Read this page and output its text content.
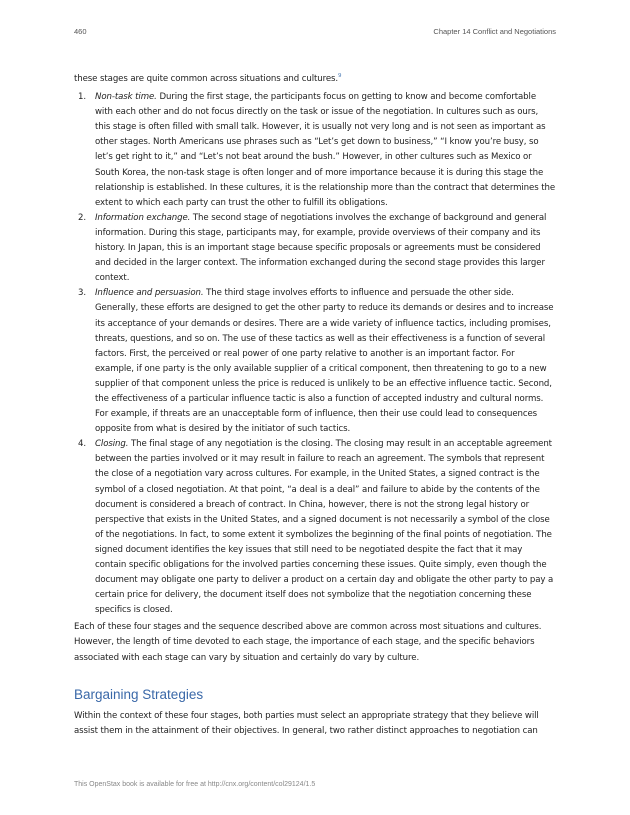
460	Chapter 14 Conflict and Negotiations

these stages are quite common across situations and cultures.$^9$

1. Non-task time. During the first stage, the participants focus on getting to know and become comfortable with each other and do not focus directly on the task or issue of the negotiation. In cultures such as ours, this stage is often filled with small talk. However, it is usually not very long and is not seen as important as other stages. North Americans use phrases such as “Let’s get down to business,” “I know you’re busy, so let’s get right to it,” and “Let’s not beat around the bush.” However, in other cultures such as Mexico or South Korea, the non-task stage is often longer and of more importance because it is during this stage the relationship is established. In these cultures, it is the relationship more than the contract that determines the extent to which each party can trust the other to fulfill its obligations.
2. Information exchange. The second stage of negotiations involves the exchange of background and general information. During this stage, participants may, for example, provide overviews of their company and its history. In Japan, this is an important stage because specific proposals or agreements must be considered and decided in the larger context. The information exchanged during the second stage provides this larger context.
3. Influence and persuasion. The third stage involves efforts to influence and persuade the other side. Generally, these efforts are designed to get the other party to reduce its demands or desires and to increase its acceptance of your demands or desires. There are a wide variety of influence tactics, including promises, threats, questions, and so on. The use of these tactics as well as their effectiveness is a function of several factors. First, the perceived or real power of one party relative to another is an important factor. For example, if one party is the only available supplier of a critical component, then threatening to go to a new supplier of that component unless the price is reduced is unlikely to be an effective influence tactic. Second, the effectiveness of a particular influence tactic is also a function of accepted industry and cultural norms. For example, if threats are an unacceptable form of influence, then their use could lead to consequences opposite from what is desired by the initiator of such tactics.
4. Closing. The final stage of any negotiation is the closing. The closing may result in an acceptable agreement between the parties involved or it may result in failure to reach an agreement. The symbols that represent the close of a negotiation vary across cultures. For example, in the United States, a signed contract is the symbol of a closed negotiation. At that point, “a deal is a deal” and failure to abide by the contents of the document is considered a breach of contract. In China, however, there is not the strong legal history or perspective that exists in the United States, and a signed document is not necessarily a symbol of the close of the negotiations. In fact, to some extent it symbolizes the beginning of the final points of negotiation. The signed document identifies the key issues that still need to be negotiated despite the fact that it may contain specific obligations for the involved parties concerning these issues. Quite simply, even though the document may obligate one party to deliver a product on a certain day and obligate the other party to pay a certain price for delivery, the document itself does not symbolize that the negotiation concerning these specifics is closed.

Each of these four stages and the sequence described above are common across most situations and cultures. However, the length of time devoted to each stage, the importance of each stage, and the specific behaviors associated with each stage can vary by situation and certainly do vary by culture.

Bargaining Strategies

Within the context of these four stages, both parties must select an appropriate strategy that they believe will assist them in the attainment of their objectives. In general, two rather distinct approaches to negotiation can

This OpenStax book is available for free at http://cnx.org/content/col29124/1.5
